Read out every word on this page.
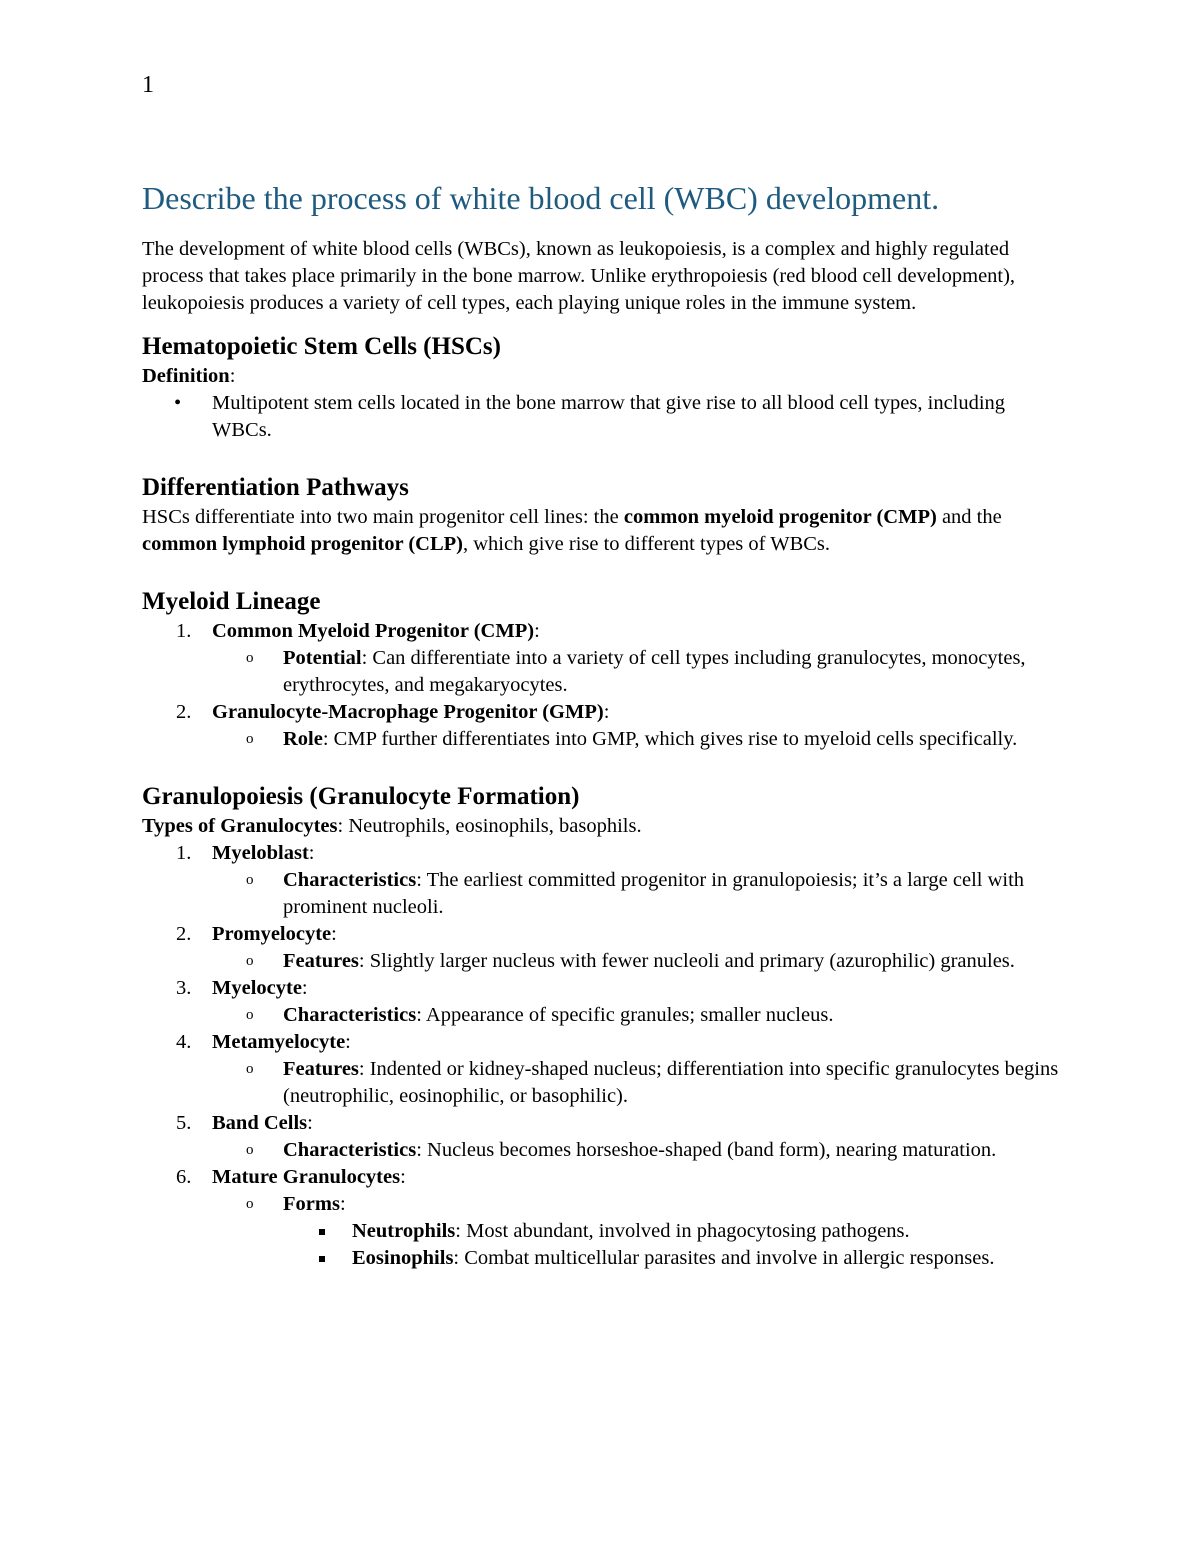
1
Describe the process of white blood cell (WBC) development.

The development of white blood cells (WBCs), known as leukopoiesis, is a complex and highly regulated process that takes place primarily in the bone marrow. Unlike erythropoiesis (red blood cell development), leukopoiesis produces a variety of cell types, each playing unique roles in the immune system.

Hematopoietic Stem Cells (HSCs)

Definition:

• Multipotent stem cells located in the bone marrow that give rise to all blood cell types, including WBCs.
Differentiation Pathways

HSCs differentiate into two main progenitor cell lines: the common myeloid progenitor (CMP) and the common lymphoid progenitor (CLP), which give rise to different types of WBCs.

Myeloid Lineage
1. Common Myeloid Progenitor (CMP):
o Potential: Can differentiate into a variety of cell types including granulocytes, monocytes, erythrocytes, and megakaryocytes.
2. Granulocyte-Macrophage Progenitor (GMP):
o Role: CMP further differentiates into GMP, which gives rise to myeloid cells specifically.
Granulopoiesis (Granulocyte Formation)

Types of Granulocytes: Neutrophils, eosinophils, basophils.

1. Myeloblast:
o Characteristics: The earliest committed progenitor in granulopoiesis; it’s a large cell with prominent nucleoli.
2. Promyelocyte:
o Features: Slightly larger nucleus with fewer nucleoli and primary (azurophilic) granules.
3. Myelocyte:
o Characteristics: Appearance of specific granules; smaller nucleus.
4. Metamyelocyte:
o Features: Indented or kidney-shaped nucleus; differentiation into specific granulocytes begins (neutrophilic, eosinophilic, or basophilic).
5. Band Cells:
o Characteristics: Nucleus becomes horseshoe-shaped (band form), nearing maturation.
6. Mature Granulocytes:
o Forms:
Neutrophils: Most abundant, involved in phagocytosing pathogens.
Eosinophils: Combat multicellular parasites and involve in allergic responses.
